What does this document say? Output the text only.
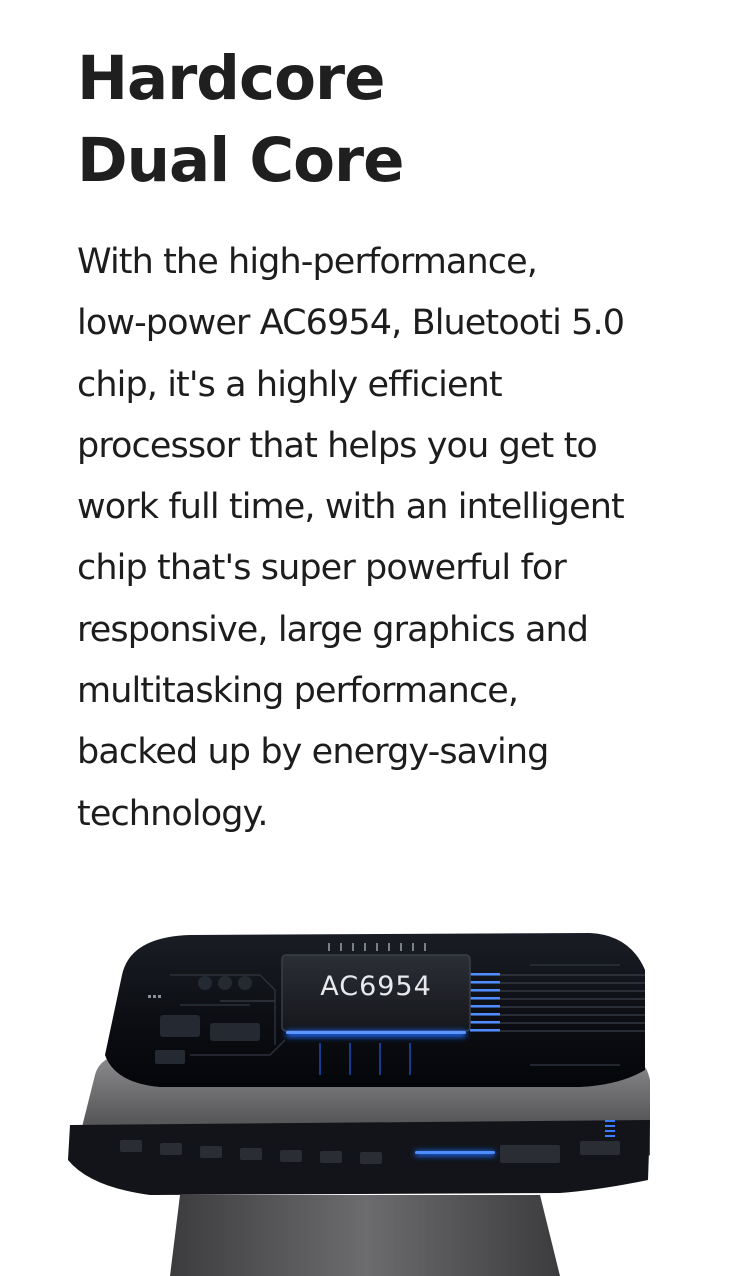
Hardcore
Dual Core

With the high-performance,
low-power AC6954, Bluetooti 5.0
chip, it's a highly efficient
processor that helps you get to
work full time, with an intelligent
chip that's super powerful for
responsive, large graphics and
multitasking performance,
backed up by energy-saving
technology.

AC6954
